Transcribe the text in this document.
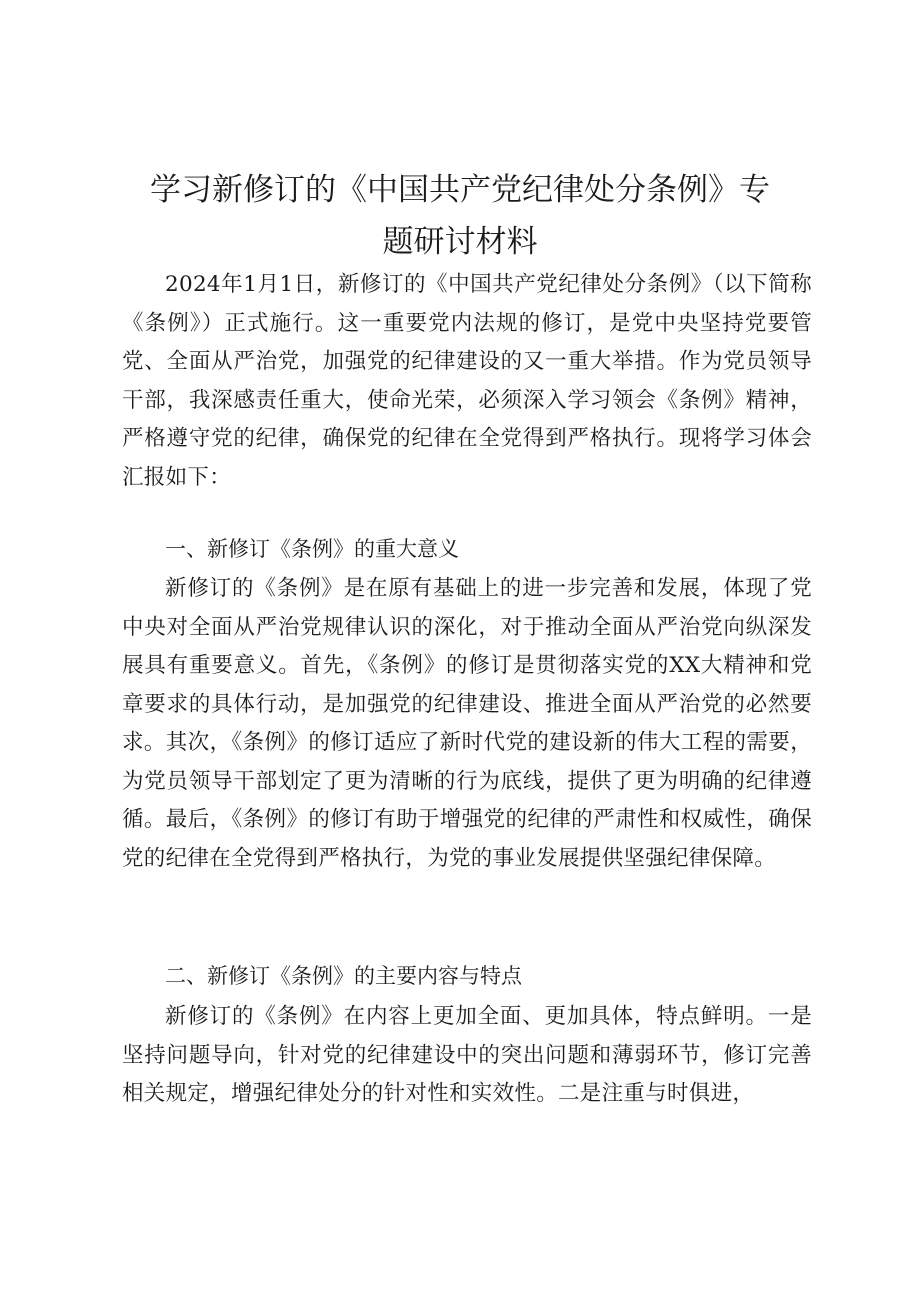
学习新修订的《中国共产党纪律处分条例》专
题研讨材料

2024年1月1日，新修订的《中国共产党纪律处分条例》（以下简称《条例》）正式施行。这一重要党内法规的修订，是党中央坚持党要管党、全面从严治党，加强党的纪律建设的又一重大举措。作为党员领导干部，我深感责任重大，使命光荣，必须深入学习领会《条例》精神，严格遵守党的纪律，确保党的纪律在全党得到严格执行。现将学习体会汇报如下：

一、新修订《条例》的重大意义

新修订的《条例》是在原有基础上的进一步完善和发展，体现了党中央对全面从严治党规律认识的深化，对于推动全面从严治党向纵深发展具有重要意义。首先，《条例》的修订是贯彻落实党的XX大精神和党章要求的具体行动，是加强党的纪律建设、推进全面从严治党的必然要求。其次，《条例》的修订适应了新时代党的建设新的伟大工程的需要，为党员领导干部划定了更为清晰的行为底线，提供了更为明确的纪律遵循。最后，《条例》的修订有助于增强党的纪律的严肃性和权威性，确保党的纪律在全党得到严格执行，为党的事业发展提供坚强纪律保障。

二、新修订《条例》的主要内容与特点

新修订的《条例》在内容上更加全面、更加具体，特点鲜明。一是坚持问题导向，针对党的纪律建设中的突出问题和薄弱环节，修订完善相关规定，增强纪律处分的针对性和实效性。二是注重与时俱进，
